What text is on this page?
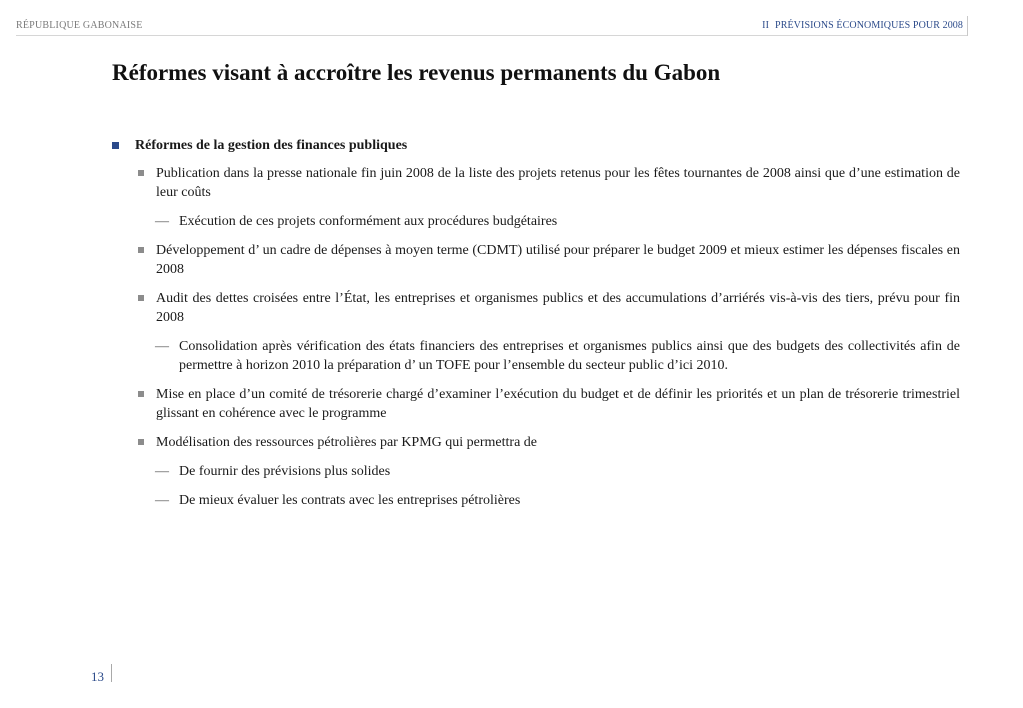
RÉPUBLIQUE GABONAISE	II PRÉVISIONS ÉCONOMIQUES POUR 2008
Réformes visant à accroître les revenus permanents du Gabon
Réformes de la gestion des finances publiques
Publication dans la presse nationale fin juin 2008 de la liste des projets retenus pour les fêtes tournantes de 2008 ainsi que d’une estimation de leur coûts
— Exécution de ces projets conformément aux procédures budgétaires
Développement d’ un cadre de dépenses à moyen terme (CDMT) utilisé pour préparer le budget 2009 et mieux estimer les dépenses fiscales en 2008
Audit des dettes croisées entre l’État, les entreprises et organismes publics et des accumulations d’arriérés vis-à-vis des tiers, prévu pour fin 2008
— Consolidation après vérification des états financiers des entreprises et organismes publics ainsi que des budgets des collectivités afin de permettre à horizon 2010 la préparation d’ un TOFE pour l’ensemble du secteur public d’ici 2010.
Mise en place d’un comité de trésorerie chargé d’examiner l’exécution du budget et de définir les priorités et un plan de trésorerie trimestriel glissant en cohérence avec le programme
Modélisation des ressources pétrolières par KPMG qui permettra de
— De fournir des prévisions plus solides
— De mieux évaluer les contrats avec les entreprises pétrolières
13
